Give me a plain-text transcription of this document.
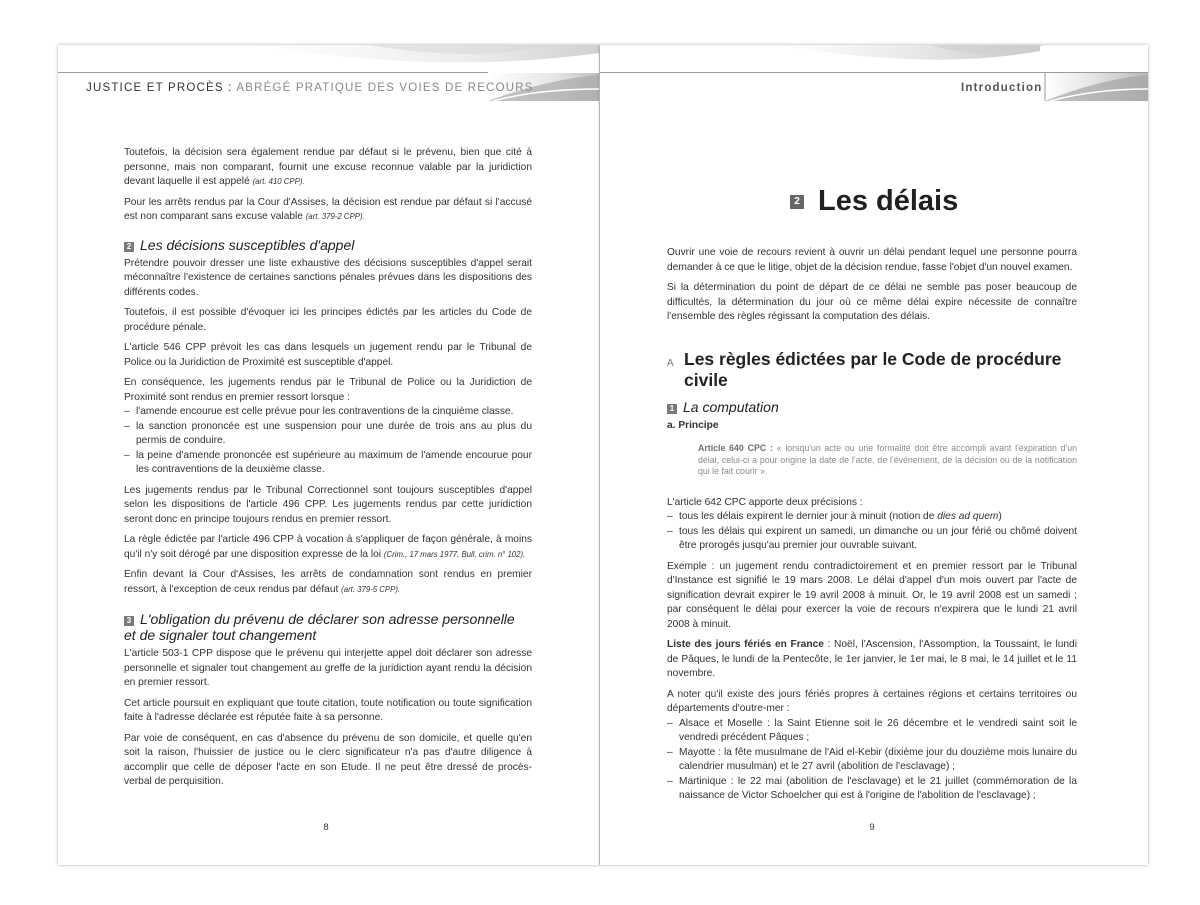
JUSTICE ET PROCÈS : ABRÉGÉ PRATIQUE DES VOIES DE RECOURS

Toutefois, la décision sera également rendue par défaut si le prévenu, bien que cité à personne, mais non comparant, fournit une excuse reconnue valable par la juridiction devant laquelle il est appelé (art. 410 CPP).

Pour les arrêts rendus par la Cour d'Assises, la décision est rendue par défaut si l'accusé est non comparant sans excuse valable (art. 379-2 CPP).

2 Les décisions susceptibles d'appel

Prétendre pouvoir dresser une liste exhaustive des décisions susceptibles d'appel serait méconnaître l'existence de certaines sanctions pénales prévues dans les dispositions des différents codes.

Toutefois, il est possible d'évoquer ici les principes édictés par les articles du Code de procédure pénale.

L'article 546 CPP prévoit les cas dans lesquels un jugement rendu par le Tribunal de Police ou la Juridiction de Proximité est susceptible d'appel.

En conséquence, les jugements rendus par le Tribunal de Police ou la Juridiction de Proximité sont rendus en premier ressort lorsque :

– l'amende encourue est celle prévue pour les contraventions de la cinquième classe.
– la sanction prononcée est une suspension pour une durée de trois ans au plus du permis de conduire.
– la peine d'amende prononcée est supérieure au maximum de l'amende encourue pour les contraventions de la deuxième classe.

Les jugements rendus par le Tribunal Correctionnel sont toujours susceptibles d'appel selon les dispositions de l'article 496 CPP. Les jugements rendus par cette juridiction seront donc en principe toujours rendus en premier ressort.

La règle édictée par l'article 496 CPP à vocation à s'appliquer de façon générale, à moins qu'il n'y soit dérogé par une disposition expresse de la loi (Crim., 17 mars 1977, Bull. crim. n° 102).

Enfin devant la Cour d'Assises, les arrêts de condamnation sont rendus en premier ressort, à l'exception de ceux rendus par défaut (art. 379-5 CPP).

3 L'obligation du prévenu de déclarer son adresse personnelle
et de signaler tout changement

L'article 503-1 CPP dispose que le prévenu qui interjette appel doit déclarer son adresse personnelle et signaler tout changement au greffe de la juridiction ayant rendu la décision en premier ressort.

Cet article poursuit en expliquant que toute citation, toute notification ou toute signification faite à l'adresse déclarée est réputée faite à sa personne.

Par voie de conséquent, en cas d'absence du prévenu de son domicile, et quelle qu'en soit la raison, l'huissier de justice ou le clerc significateur n'a pas d'autre diligence à accomplir que celle de déposer l'acte en son Etude. Il ne peut être dressé de procès-verbal de perquisition.

8
Introduction
2 Les délais

Ouvrir une voie de recours revient à ouvrir un délai pendant lequel une personne pourra demander à ce que le litige, objet de la décision rendue, fasse l'objet d'un nouvel examen.

Si la détermination du point de départ de ce délai ne semble pas poser beaucoup de difficultés, la détermination du jour où ce même délai expire nécessite de connaître l'ensemble des règles régissant la computation des délais.

A Les règles édictées par le Code de procédure civile
1 La computation
a. Principe
Article 640 CPC : « lorsqu'un acte ou une formalité doit être accompli avant l'expiration d'un délai, celui-ci a pour origine la date de l'acte, de l'événement, de la décision ou de la notification qui le fait courir ».

L'article 642 CPC apporte deux précisions :

– tous les délais expirent le dernier jour à minuit (notion de dies ad quem)
– tous les délais qui expirent un samedi, un dimanche ou un jour férié ou chômé doivent être prorogés jusqu'au premier jour ouvrable suivant.

Exemple : un jugement rendu contradictoirement et en premier ressort par le Tribunal d'Instance est signifié le 19 mars 2008. Le délai d'appel d'un mois ouvert par l'acte de signification devrait expirer le 19 avril 2008 à minuit. Or, le 19 avril 2008 est un samedi ; par conséquent le délai pour exercer la voie de recours n'expirera que le lundi 21 avril 2008 à minuit.

Liste des jours fériés en France : Noël, l'Ascension, l'Assomption, la Toussaint, le lundi de Pâques, le lundi de la Pentecôte, le 1er janvier, le 1er mai, le 8 mai, le 14 juillet et le 11 novembre.

A noter qu'il existe des jours fériés propres à certaines régions et certains territoires ou départements d'outre-mer :

– Alsace et Moselle : la Saint Etienne soit le 26 décembre et le vendredi saint soit le vendredi précédent Pâques ;
– Mayotte : la fête musulmane de l'Aid el-Kebir (dixième jour du douzième mois lunaire du calendrier musulman) et le 27 avril (abolition de l'esclavage) ;
– Martinique : le 22 mai (abolition de l'esclavage) et le 21 juillet (commémoration de la naissance de Victor Schoelcher qui est à l'origine de l'abolition de l'esclavage) ;
9
